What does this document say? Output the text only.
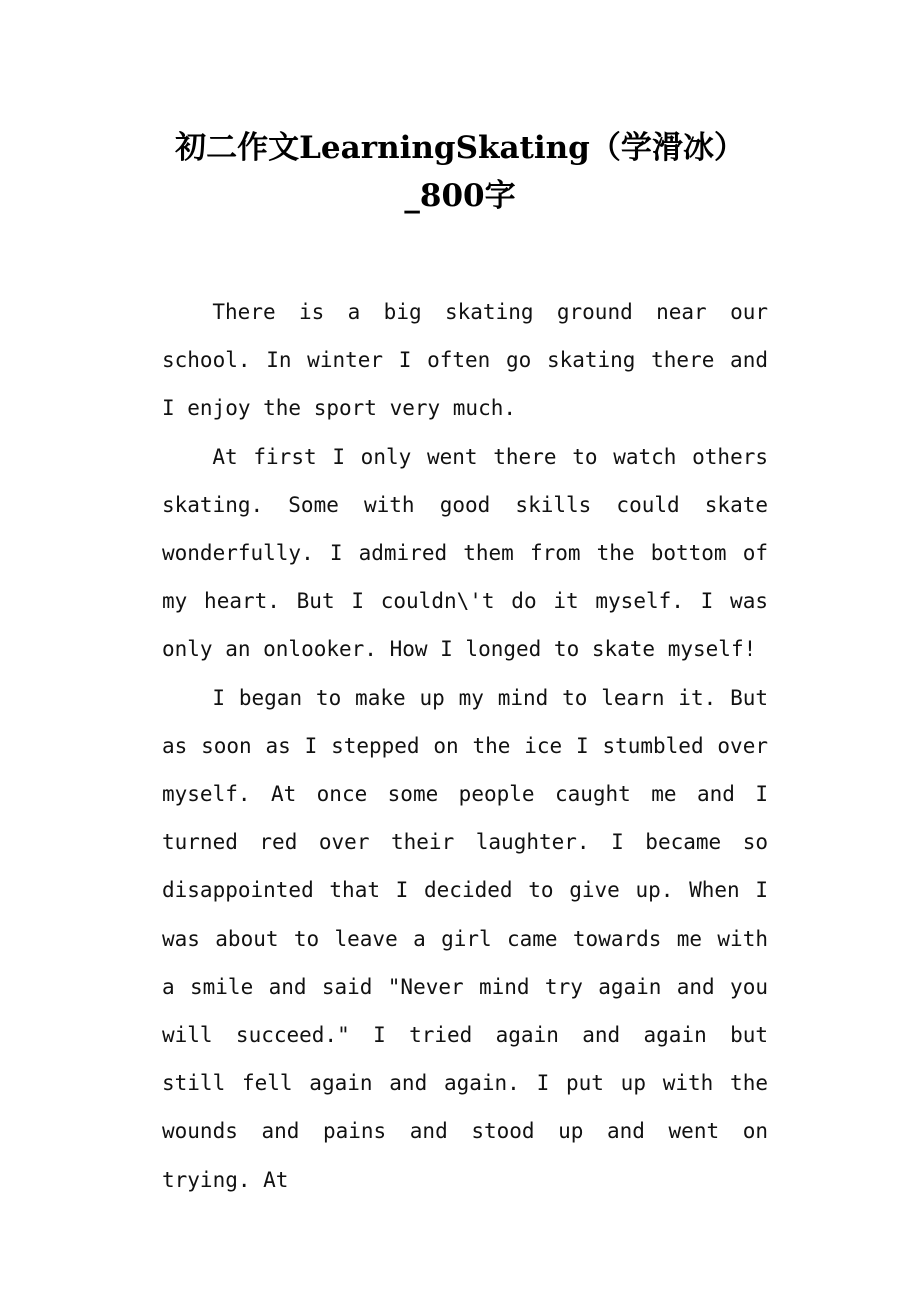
初二作文LearningSkating（学滑冰）
_800字

There is a big skating ground near our school. In winter I often go skating there and I enjoy the sport very much.

At first I only went there to watch others skating. Some with good skills could skate wonderfully. I admired them from the bottom of my heart. But I couldn\'t do it myself. I was only an onlooker. How I longed to skate myself!

I began to make up my mind to learn it. But as soon as I stepped on the ice I stumbled over myself. At once some people caught me and I turned red over their laughter. I became so disappointed that I decided to give up. When I was about to leave a girl came towards me with a smile and said "Never mind try again and you will succeed." I tried again and again but still fell again and again. I put up with the wounds and pains and stood up and went on trying. At
